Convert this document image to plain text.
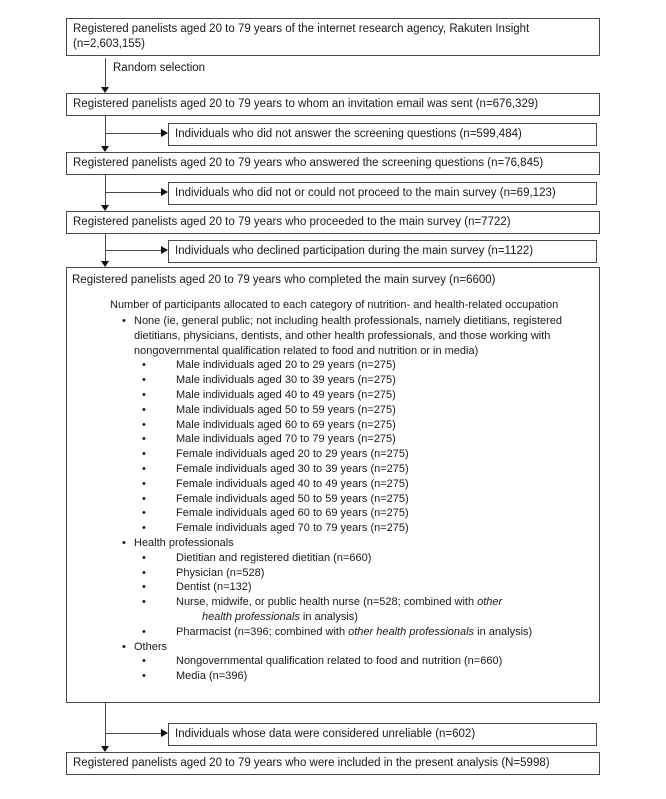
Registered panelists aged 20 to 79 years of the internet research agency, Rakuten Insight (n=2,603,155)
Random selection
Registered panelists aged 20 to 79 years to whom an invitation email was sent (n=676,329)
Individuals who did not answer the screening questions (n=599,484)
Registered panelists aged 20 to 79 years who answered the screening questions (n=76,845)
Individuals who did not or could not proceed to the main survey (n=69,123)
Registered panelists aged 20 to 79 years who proceeded to the main survey (n=7722)
Individuals who declined participation during the main survey (n=1122)
Registered panelists aged 20 to 79 years who completed the main survey (n=6600)
Number of participants allocated to each category of nutrition- and health-related occupation
• None (ie, general public; not including health professionals, namely dietitians, registered dietitians, physicians, dentists, and other health professionals, and those working with nongovernmental qualification related to food and nutrition or in media)
•	Male individuals aged 20 to 29 years (n=275)
•	Male individuals aged 30 to 39 years (n=275)
•	Male individuals aged 40 to 49 years (n=275)
•	Male individuals aged 50 to 59 years (n=275)
•	Male individuals aged 60 to 69 years (n=275)
•	Male individuals aged 70 to 79 years (n=275)
•	Female individuals aged 20 to 29 years (n=275)
•	Female individuals aged 30 to 39 years (n=275)
•	Female individuals aged 40 to 49 years (n=275)
•	Female individuals aged 50 to 59 years (n=275)
•	Female individuals aged 60 to 69 years (n=275)
•	Female individuals aged 70 to 79 years (n=275)
• Health professionals
•	Dietitian and registered dietitian (n=660)
•	Physician (n=528)
•	Dentist (n=132)
•	Nurse, midwife, or public health nurse (n=528; combined with other
health professionals in analysis)
•	Pharmacist (n=396; combined with other health professionals in analysis)
• Others
•	Nongovernmental qualification related to food and nutrition (n=660)
•	Media (n=396)
Individuals whose data were considered unreliable (n=602)
Registered panelists aged 20 to 79 years who were included in the present analysis (N=5998)
